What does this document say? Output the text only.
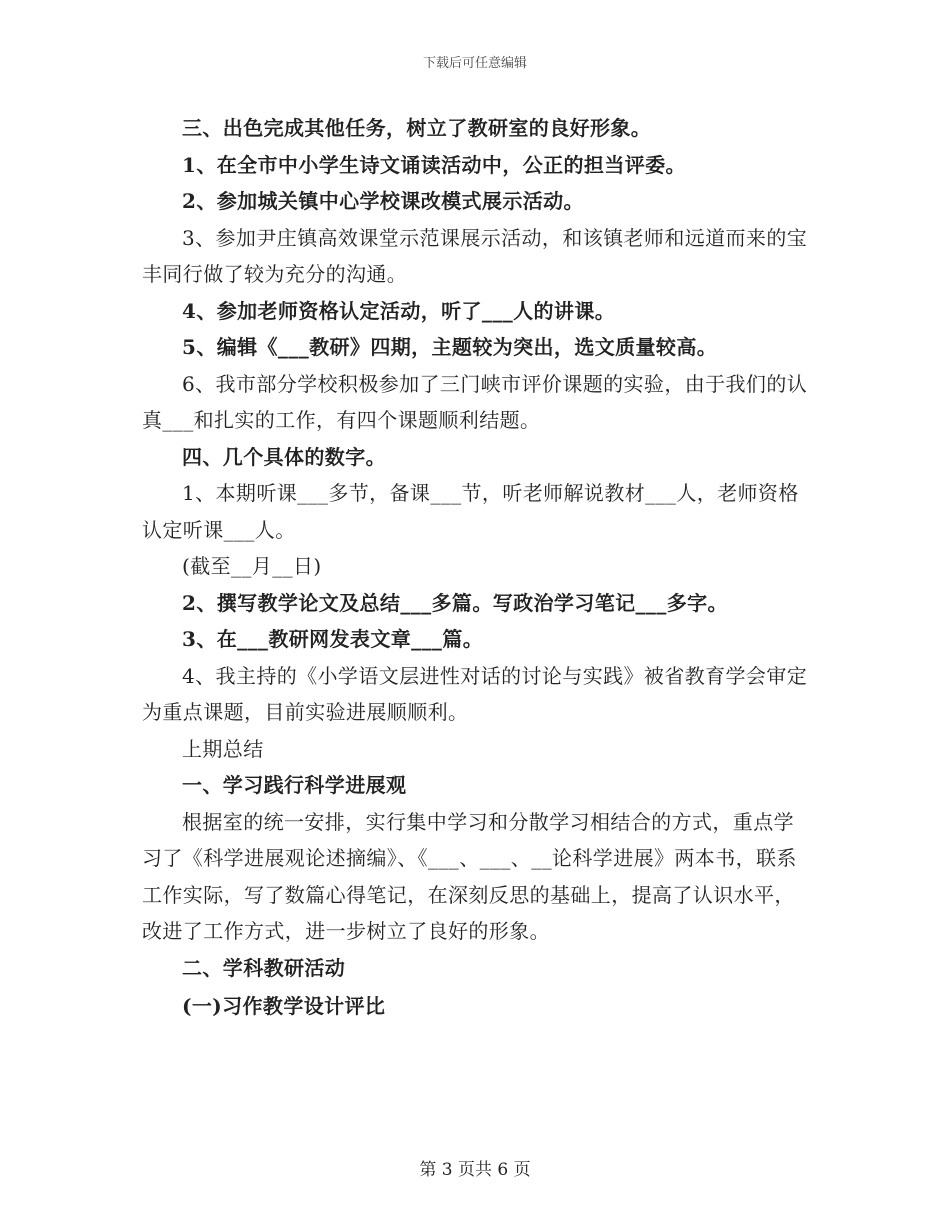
下载后可任意编辑

三、出色完成其他任务，树立了教研室的良好形象。

1、在全市中小学生诗文诵读活动中，公正的担当评委。

2、参加城关镇中心学校课改模式展示活动。

3、参加尹庄镇高效课堂示范课展示活动，和该镇老师和远道而来的宝丰同行做了较为充分的沟通。

4、参加老师资格认定活动，听了___人的讲课。

5、编辑《___教研》四期，主题较为突出，选文质量较高。

6、我市部分学校积极参加了三门峡市评价课题的实验，由于我们的认真___和扎实的工作，有四个课题顺利结题。

四、几个具体的数字。

1、本期听课___多节，备课___节，听老师解说教材___人，老师资格认定听课___人。

(截至__月__日)

2、撰写教学论文及总结___多篇。写政治学习笔记___多字。

3、在___教研网发表文章___篇。

4、我主持的《小学语文层进性对话的讨论与实践》被省教育学会审定为重点课题，目前实验进展顺顺利。

上期总结

一、学习践行科学进展观

根据室的统一安排，实行集中学习和分散学习相结合的方式，重点学习了《科学进展观论述摘编》、《___、___、__论科学进展》两本书，联系工作实际，写了数篇心得笔记，在深刻反思的基础上，提高了认识水平，改进了工作方式，进一步树立了良好的形象。

二、学科教研活动

(一)习作教学设计评比

第 3 页共 6 页
